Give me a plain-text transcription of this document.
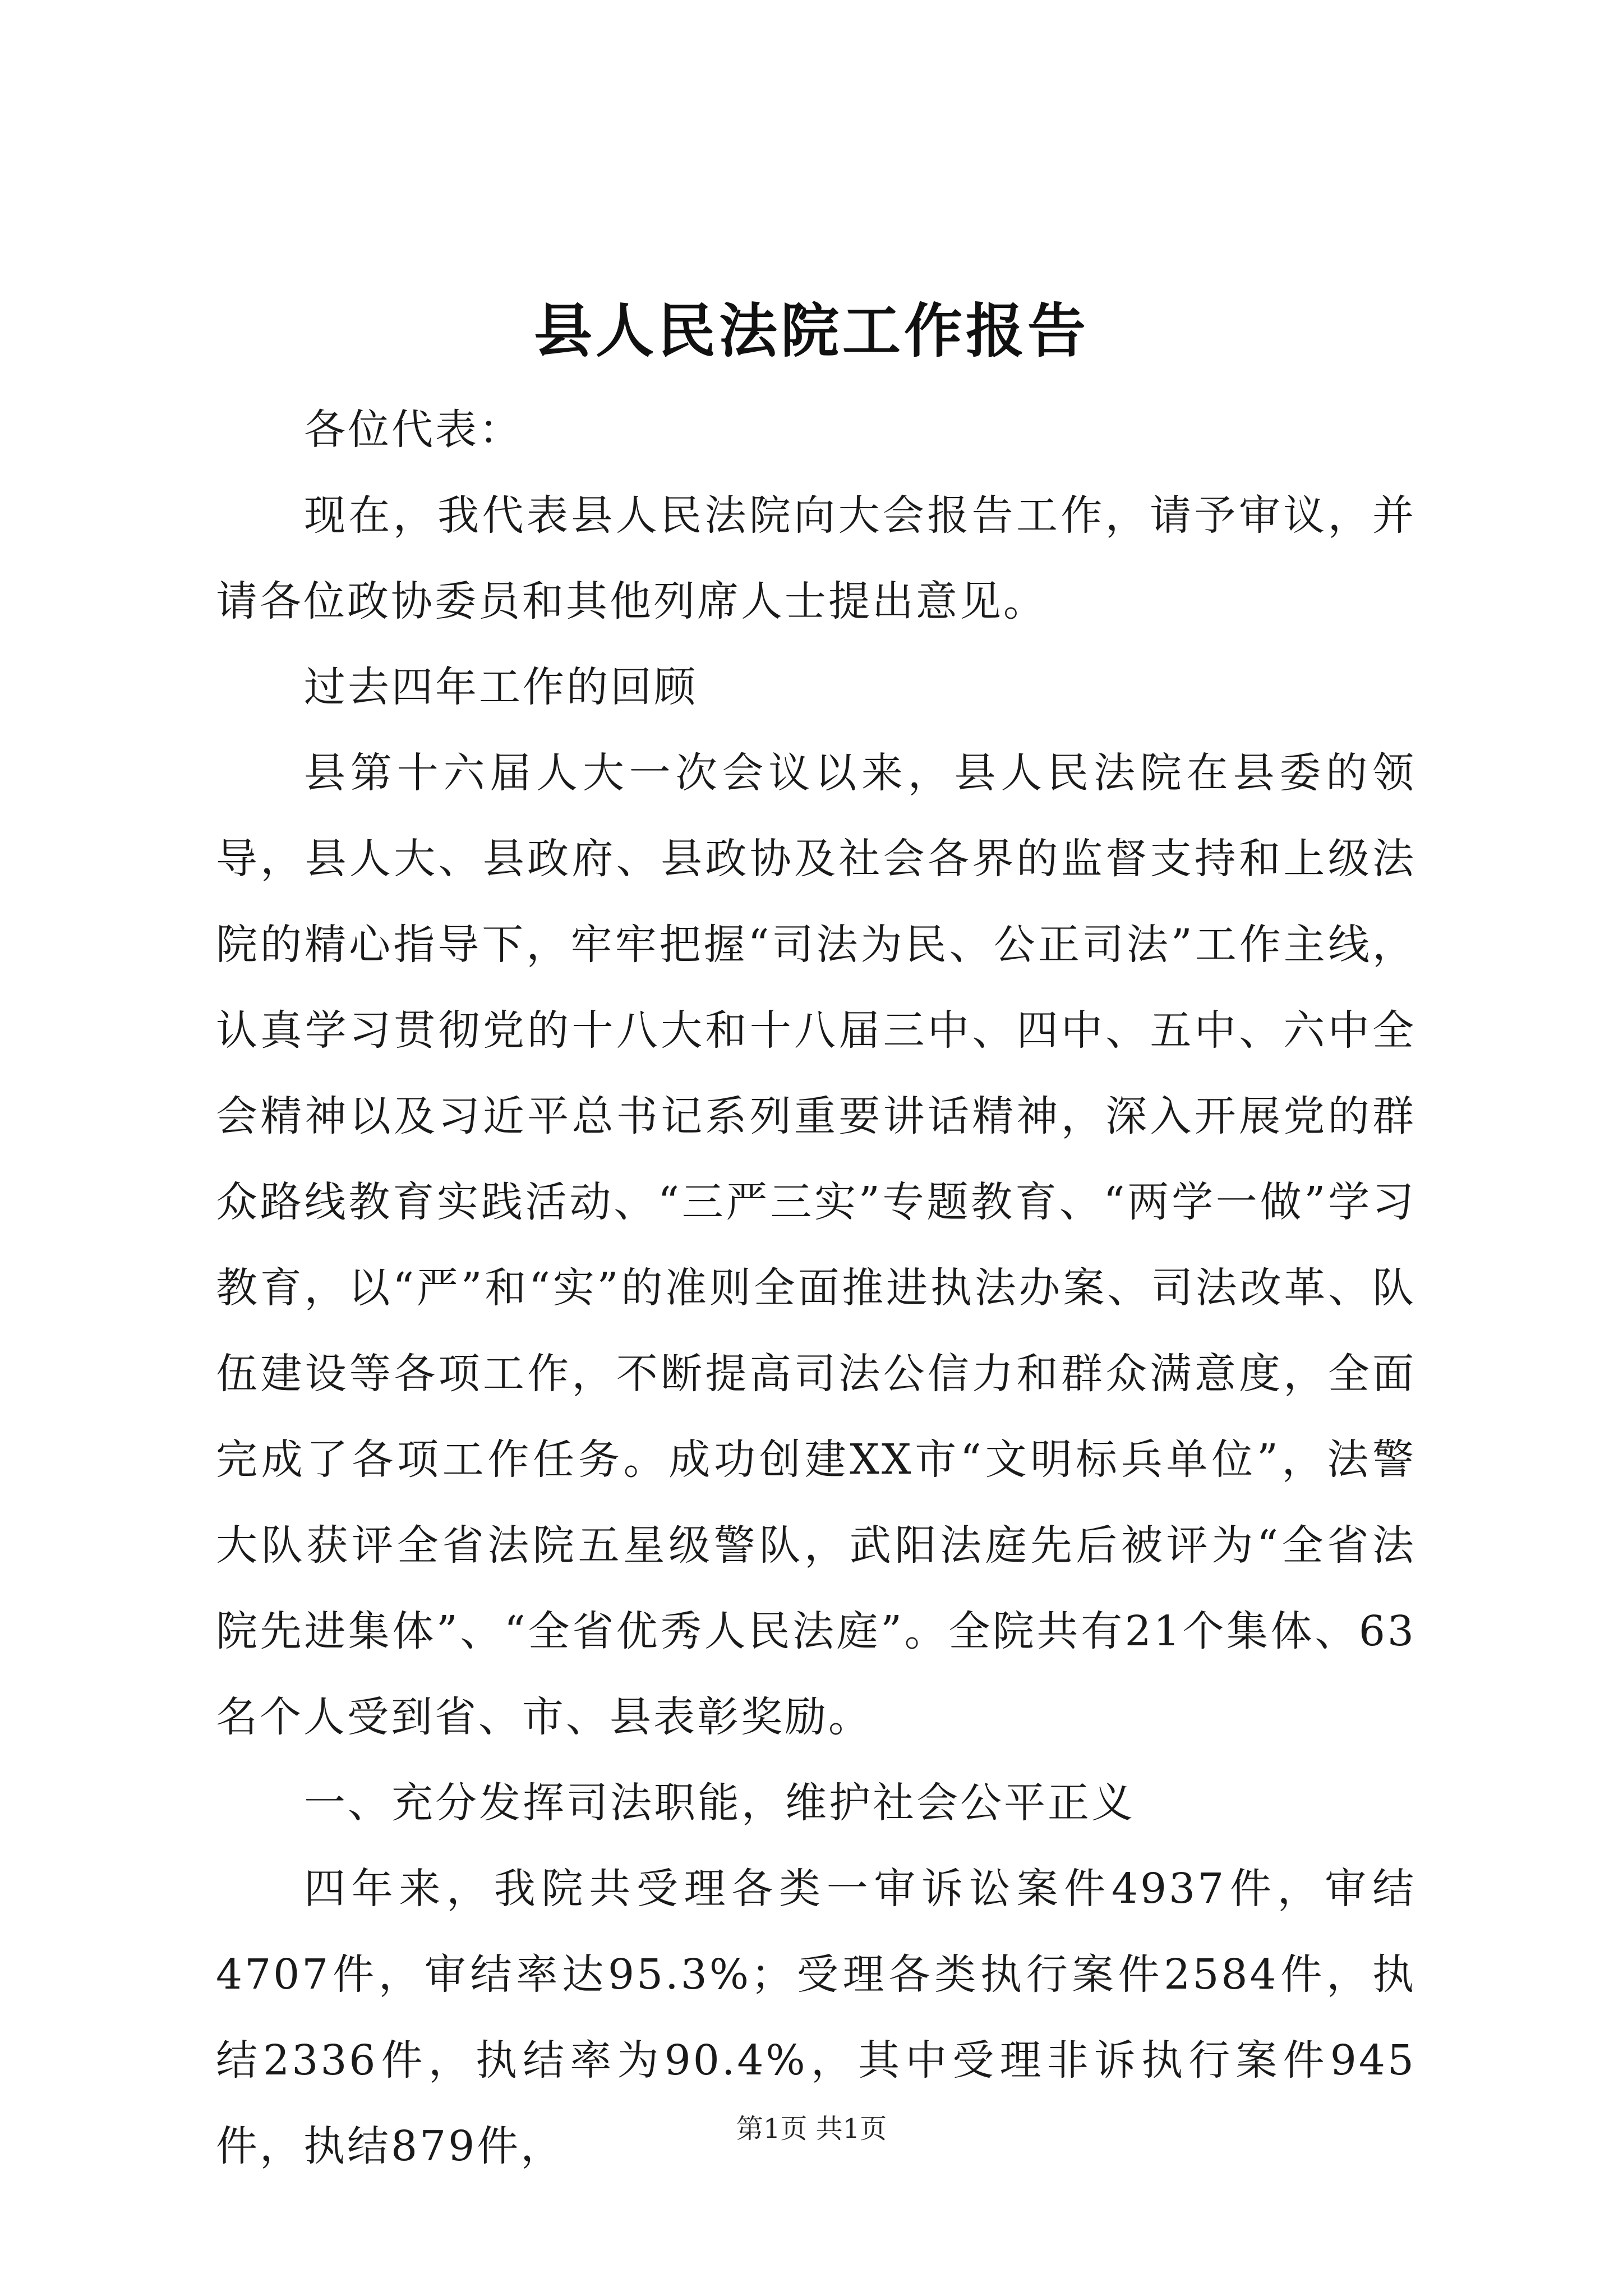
县人民法院工作报告

各位代表：

现在，我代表县人民法院向大会报告工作，请予审议，并请各位政协委员和其他列席人士提出意见。

过去四年工作的回顾

县第十六届人大一次会议以来，县人民法院在县委的领导，县人大、县政府、县政协及社会各界的监督支持和上级法院的精心指导下，牢牢把握“司法为民、公正司法”工作主线，认真学习贯彻党的十八大和十八届三中、四中、五中、六中全会精神以及习近平总书记系列重要讲话精神，深入开展党的群众路线教育实践活动、“三严三实”专题教育、“两学一做”学习教育，以“严”和“实”的准则全面推进执法办案、司法改革、队伍建设等各项工作，不断提高司法公信力和群众满意度，全面完成了各项工作任务。成功创建XX市“文明标兵单位”，法警大队获评全省法院五星级警队，武阳法庭先后被评为“全省法院先进集体”、“全省优秀人民法庭”。全院共有21个集体、63名个人受到省、市、县表彰奖励。

一、充分发挥司法职能，维护社会公平正义

四年来，我院共受理各类一审诉讼案件4937件，审结4707件，审结率达95.3%；受理各类执行案件2584件，执结2336件，执结率为90.4%，其中受理非诉执行案件945件，执结879件，	第1页 共1页
